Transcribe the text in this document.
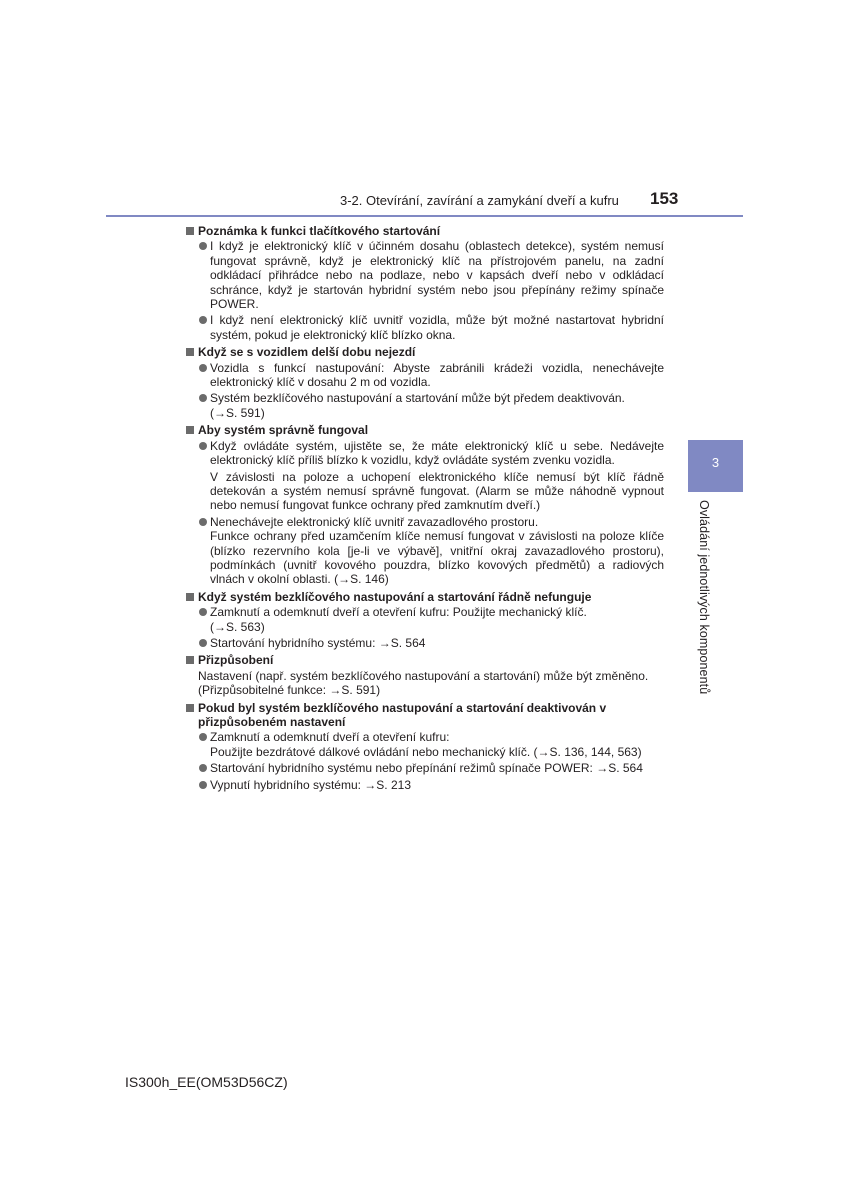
3-2. Otevírání, zavírání a zamykání dveří a kufru 153
3
Ovládání jednotlivých komponentů
Poznámka k funkci tlačítkového startování
I když je elektronický klíč v účinném dosahu (oblastech detekce), systém nemusí fungovat správně, když je elektronický klíč na přístrojovém panelu, na zadní odkládací přihrádce nebo na podlaze, nebo v kapsách dveří nebo v odkládací schránce, když je startován hybridní systém nebo jsou přepínány režimy spínače POWER.
I když není elektronický klíč uvnitř vozidla, může být možné nastartovat hybridní systém, pokud je elektronický klíč blízko okna.
Když se s vozidlem delší dobu nejezdí
Vozidla s funkcí nastupování: Abyste zabránili krádeži vozidla, nenechávejte elektronický klíč v dosahu 2 m od vozidla.
Systém bezklíčového nastupování a startování může být předem deaktivován.
(→S. 591)
Aby systém správně fungoval
Když ovládáte systém, ujistěte se, že máte elektronický klíč u sebe. Nedávejte elektronický klíč příliš blízko k vozidlu, když ovládáte systém zvenku vozidla.
V závislosti na poloze a uchopení elektronického klíče nemusí být klíč řádně detekován a systém nemusí správně fungovat. (Alarm se může náhodně vypnout nebo nemusí fungovat funkce ochrany před zamknutím dveří.)
Nenechávejte elektronický klíč uvnitř zavazadlového prostoru.
Funkce ochrany před uzamčením klíče nemusí fungovat v závislosti na poloze klíče (blízko rezervního kola [je-li ve výbavě], vnitřní okraj zavazadlového prostoru), podmínkách (uvnitř kovového pouzdra, blízko kovových předmětů) a radiových vlnách v okolní oblasti. (→S. 146)
Když systém bezklíčového nastupování a startování řádně nefunguje
Zamknutí a odemknutí dveří a otevření kufru: Použijte mechanický klíč.
(→S. 563)
Startování hybridního systému: →S. 564
Přizpůsobení
Nastavení (např. systém bezklíčového nastupování a startování) může být změněno.
(Přizpůsobitelné funkce: →S. 591)
Pokud byl systém bezklíčového nastupování a startování deaktivován v přizpůsobeném nastavení
Zamknutí a odemknutí dveří a otevření kufru:
Použijte bezdrátové dálkové ovládání nebo mechanický klíč. (→S. 136, 144, 563)
Startování hybridního systému nebo přepínání režimů spínače POWER: →S. 564
Vypnutí hybridního systému: →S. 213
IS300h_EE(OM53D56CZ)
